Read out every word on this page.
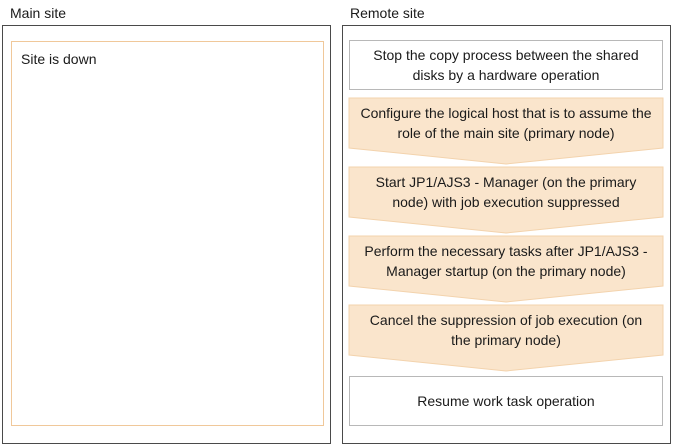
Main site	Remote site
Site is down	Stop the copy process between the shared disks by a hardware operation
Configure the logical host that is to assume the role of the main site (primary node)
Start JP1/AJS3 - Manager (on the primary node) with job execution suppressed
Perform the necessary tasks after JP1/AJS3 - Manager startup (on the primary node)
Cancel the suppression of job execution (on the primary node)
Resume work task operation
